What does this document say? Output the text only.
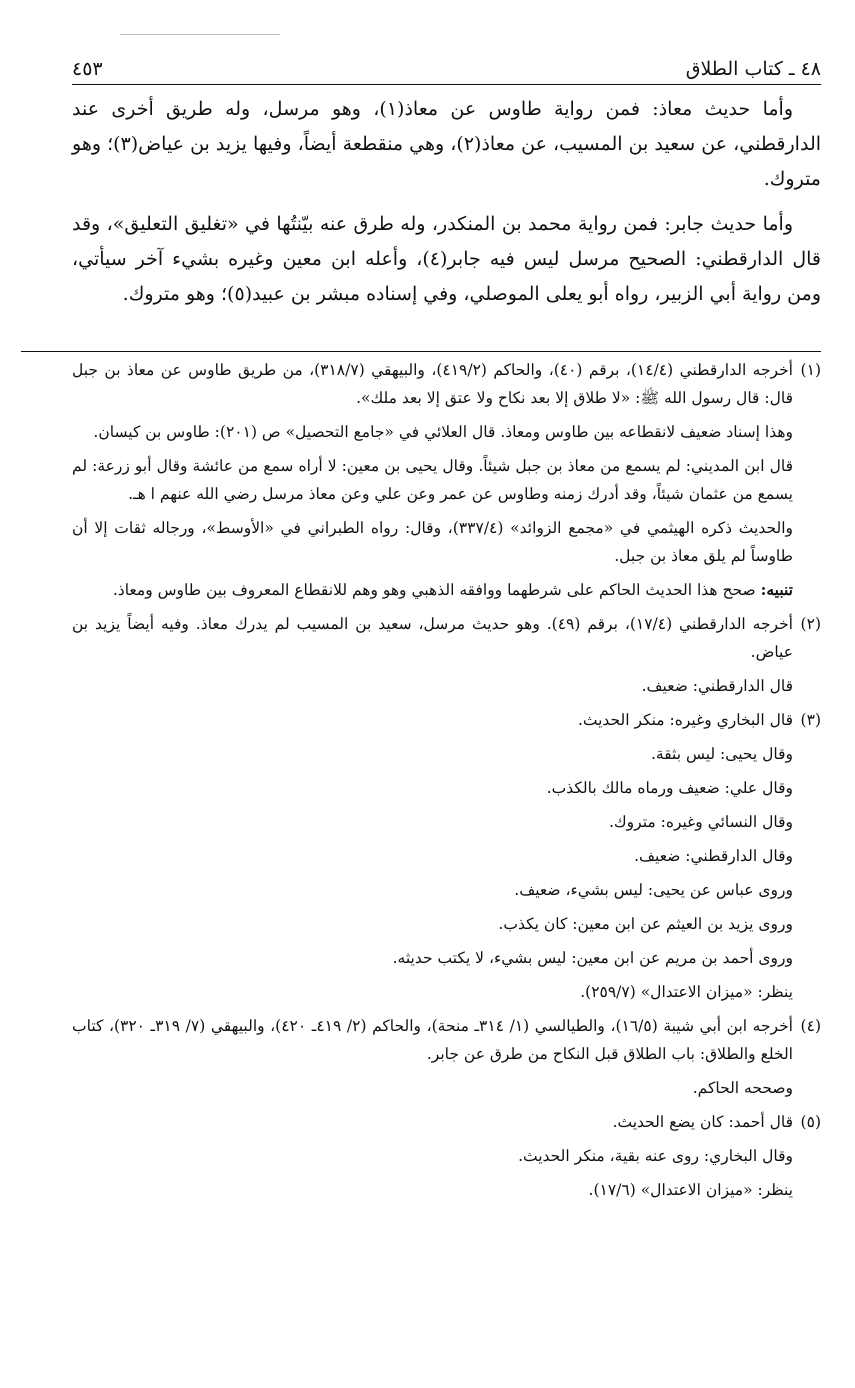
٤٨ ـ كتاب الطلاق
٤٥٣

وأما حديث معاذ: فمن رواية طاوس عن معاذ(١)، وهو مرسل، وله طريق أخرى عند الدارقطني، عن سعيد بن المسيب، عن معاذ(٢)، وهي منقطعة أيضاً، وفيها يزيد بن عياض(٣)؛ وهو متروك.

وأما حديث جابر: فمن رواية محمد بن المنكدر، وله طرق عنه بيّنتُها في «تغليق التعليق»، وقد قال الدارقطني: الصحيح مرسل ليس فيه جابر(٤)، وأعله ابن معين وغيره بشيء آخر سيأتي، ومن رواية أبي الزبير، رواه أبو يعلى الموصلي، وفي إسناده مبشر بن عبيد(٥)؛ وهو متروك.

(١)

أخرجه الدارقطني (١٤/٤)، برقم (٤٠)، والحاكم (٤١٩/٢)، والبيهقي (٣١٨/٧)، من طريق طاوس عن معاذ بن جبل قال: قال رسول الله ﷺ: «لا طلاق إلا بعد نكاح ولا عتق إلا بعد ملك».

وهذا إسناد ضعيف لانقطاعه بين طاوس ومعاذ. قال العلائي في «جامع التحصيل» ص (٢٠١): طاوس بن كيسان.

قال ابن المديني: لم يسمع من معاذ بن جبل شيئاً. وقال يحيى بن معين: لا أراه سمع من عائشة وقال أبو زرعة: لم يسمع من عثمان شيئاً، وقد أدرك زمنه وطاوس عن عمر وعن علي وعن معاذ مرسل رضي الله عنهم ا هـ.

والحديث ذكره الهيثمي في «مجمع الزوائد» (٣٣٧/٤)، وقال: رواه الطبراني في «الأوسط»، ورجاله ثقات إلا أن طاوساً لم يلق معاذ بن جبل.

تنبيه: صحح هذا الحديث الحاكم على شرطهما ووافقه الذهبي وهو وهم للانقطاع المعروف بين طاوس ومعاذ.

(٢)

أخرجه الدارقطني (١٧/٤)، برقم (٤٩). وهو حديث مرسل، سعيد بن المسيب لم يدرك معاذ. وفيه أيضاً يزيد بن عياض.

قال الدارقطني: ضعيف.

(٣)

قال البخاري وغيره: منكر الحديث.

وقال يحيى: ليس بثقة.

وقال علي: ضعيف ورماه مالك بالكذب.

وقال النسائي وغيره: متروك.

وقال الدارقطني: ضعيف.

وروى عباس عن يحيى: ليس بشيء، ضعيف.

وروى يزيد بن العيثم عن ابن معين: كان يكذب.

وروى أحمد بن مريم عن ابن معين: ليس بشيء، لا يكتب حديثه.

ينظر: «ميزان الاعتدال» (٢٥٩/٧).

(٤)

أخرجه ابن أبي شيبة (١٦/٥)، والطيالسي (١/ ٣١٤ـ منحة)، والحاكم (٢/ ٤١٩ـ ٤٢٠)، والبيهقي (٧/ ٣١٩ـ ٣٢٠)، كتاب الخلع والطلاق: باب الطلاق قبل النكاح من طرق عن جابر.

وصححه الحاكم.

(٥)

قال أحمد: كان يضع الحديث.

وقال البخاري: روى عنه بقية، منكر الحديث.

ينظر: «ميزان الاعتدال» (١٧/٦).
